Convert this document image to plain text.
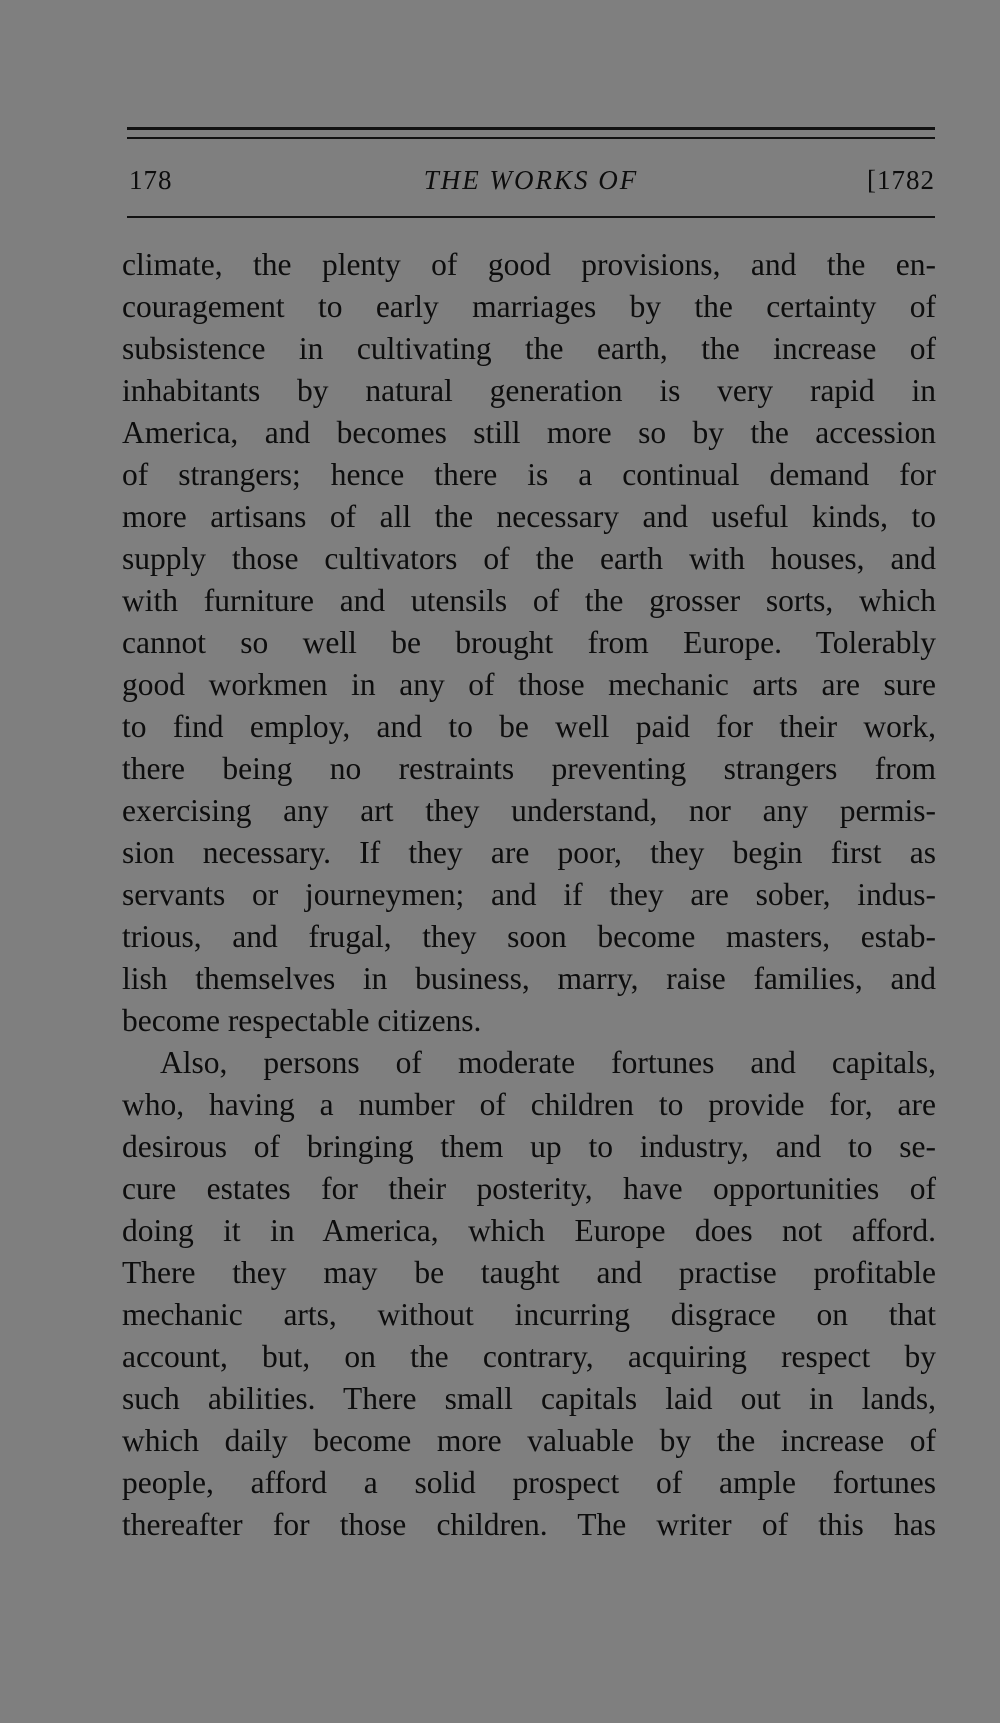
178	THE WORKS OF	[1782
climate, the plenty of good provisions, and the en-
couragement to early marriages by the certainty of
subsistence in cultivating the earth, the increase of
inhabitants by natural generation is very rapid in
America, and becomes still more so by the accession
of strangers; hence there is a continual demand for
more artisans of all the necessary and useful kinds, to
supply those cultivators of the earth with houses, and
with furniture and utensils of the grosser sorts, which
cannot so well be brought from Europe. Tolerably
good workmen in any of those mechanic arts are sure
to find employ, and to be well paid for their work,
there being no restraints preventing strangers from
exercising any art they understand, nor any permis-
sion necessary. If they are poor, they begin first as
servants or journeymen; and if they are sober, indus-
trious, and frugal, they soon become masters, estab-
lish themselves in business, marry, raise families, and
become respectable citizens.
Also, persons of moderate fortunes and capitals,
who, having a number of children to provide for, are
desirous of bringing them up to industry, and to se-
cure estates for their posterity, have opportunities of
doing it in America, which Europe does not afford.
There they may be taught and practise profitable
mechanic arts, without incurring disgrace on that
account, but, on the contrary, acquiring respect by
such abilities. There small capitals laid out in lands,
which daily become more valuable by the increase of
people, afford a solid prospect of ample fortunes
thereafter for those children. The writer of this has
